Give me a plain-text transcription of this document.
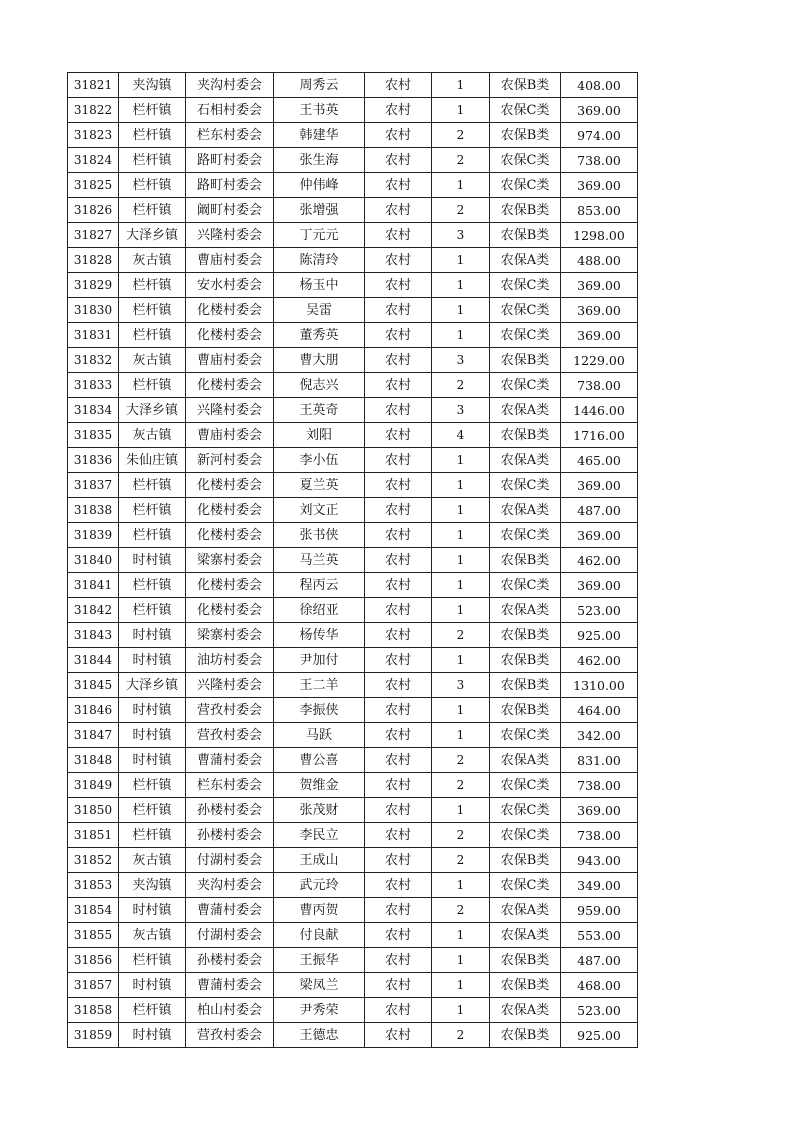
31821	夹沟镇	夹沟村委会	周秀云	农村	1	农保B类	408.00
31822	栏杆镇	石相村委会	王书英	农村	1	农保C类	369.00
31823	栏杆镇	栏东村委会	韩建华	农村	2	农保B类	974.00
31824	栏杆镇	路町村委会	张生海	农村	2	农保C类	738.00
31825	栏杆镇	路町村委会	仲伟峰	农村	1	农保C类	369.00
31826	栏杆镇	阚町村委会	张增强	农村	2	农保B类	853.00
31827	大泽乡镇	兴隆村委会	丁元元	农村	3	农保B类	1298.00
31828	灰古镇	曹庙村委会	陈清玲	农村	1	农保A类	488.00
31829	栏杆镇	安水村委会	杨玉中	农村	1	农保C类	369.00
31830	栏杆镇	化楼村委会	吴雷	农村	1	农保C类	369.00
31831	栏杆镇	化楼村委会	董秀英	农村	1	农保C类	369.00
31832	灰古镇	曹庙村委会	曹大朋	农村	3	农保B类	1229.00
31833	栏杆镇	化楼村委会	倪志兴	农村	2	农保C类	738.00
31834	大泽乡镇	兴隆村委会	王英奇	农村	3	农保A类	1446.00
31835	灰古镇	曹庙村委会	刘阳	农村	4	农保B类	1716.00
31836	朱仙庄镇	新河村委会	李小伍	农村	1	农保A类	465.00
31837	栏杆镇	化楼村委会	夏兰英	农村	1	农保C类	369.00
31838	栏杆镇	化楼村委会	刘文正	农村	1	农保A类	487.00
31839	栏杆镇	化楼村委会	张书侠	农村	1	农保C类	369.00
31840	时村镇	梁寨村委会	马兰英	农村	1	农保B类	462.00
31841	栏杆镇	化楼村委会	程丙云	农村	1	农保C类	369.00
31842	栏杆镇	化楼村委会	徐绍亚	农村	1	农保A类	523.00
31843	时村镇	梁寨村委会	杨传华	农村	2	农保B类	925.00
31844	时村镇	油坊村委会	尹加付	农村	1	农保B类	462.00
31845	大泽乡镇	兴隆村委会	王二羊	农村	3	农保B类	1310.00
31846	时村镇	营孜村委会	李振侠	农村	1	农保B类	464.00
31847	时村镇	营孜村委会	马跃	农村	1	农保C类	342.00
31848	时村镇	曹蒲村委会	曹公喜	农村	2	农保A类	831.00
31849	栏杆镇	栏东村委会	贺维金	农村	2	农保C类	738.00
31850	栏杆镇	孙楼村委会	张茂财	农村	1	农保C类	369.00
31851	栏杆镇	孙楼村委会	李民立	农村	2	农保C类	738.00
31852	灰古镇	付湖村委会	王成山	农村	2	农保B类	943.00
31853	夹沟镇	夹沟村委会	武元玲	农村	1	农保C类	349.00
31854	时村镇	曹蒲村委会	曹丙贺	农村	2	农保A类	959.00
31855	灰古镇	付湖村委会	付良献	农村	1	农保A类	553.00
31856	栏杆镇	孙楼村委会	王振华	农村	1	农保B类	487.00
31857	时村镇	曹蒲村委会	梁凤兰	农村	1	农保B类	468.00
31858	栏杆镇	柏山村委会	尹秀荣	农村	1	农保A类	523.00
31859	时村镇	营孜村委会	王德忠	农村	2	农保B类	925.00
